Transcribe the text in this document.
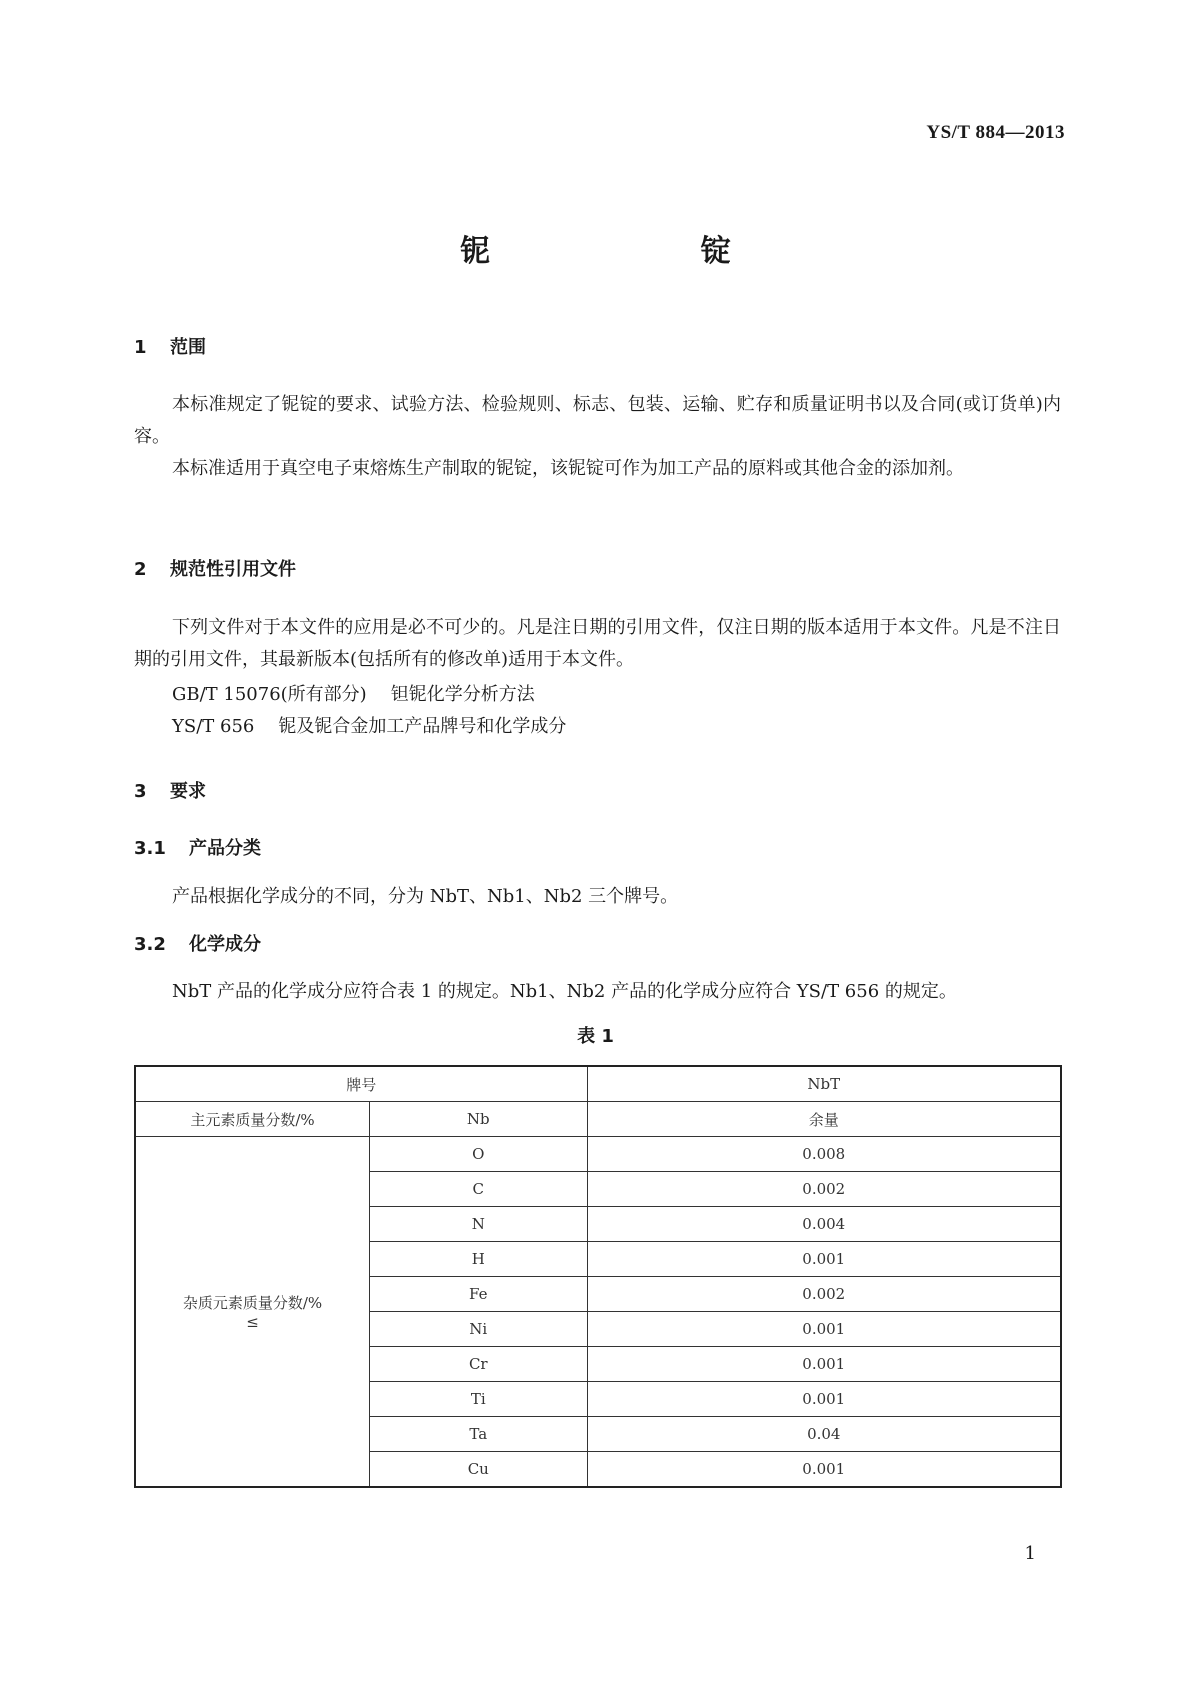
YS/T 884—2013
铌 锭
1 范围
本标准规定了铌锭的要求、试验方法、检验规则、标志、包装、运输、贮存和质量证明书以及合同(或订货单)内容。
本标准适用于真空电子束熔炼生产制取的铌锭，该铌锭可作为加工产品的原料或其他合金的添加剂。
2 规范性引用文件
下列文件对于本文件的应用是必不可少的。凡是注日期的引用文件，仅注日期的版本适用于本文件。凡是不注日期的引用文件，其最新版本(包括所有的修改单)适用于本文件。
GB/T 15076(所有部分) 钽铌化学分析方法
YS/T 656 铌及铌合金加工产品牌号和化学成分
3 要求
3.1 产品分类
产品根据化学成分的不同，分为 NbT、Nb1、Nb2 三个牌号。
3.2 化学成分
NbT 产品的化学成分应符合表 1 的规定。Nb1、Nb2 产品的化学成分应符合 YS/T 656 的规定。
表 1
牌号		NbT
主元素质量分数/%	Nb	余量

杂质元素质量分数/%
≤	O	0.008
	C	0.002
	N	0.004
	H	0.001
	Fe	0.002
	Ni	0.001
	Cr	0.001
	Ti	0.001
	Ta	0.04
	Cu	0.001
1
